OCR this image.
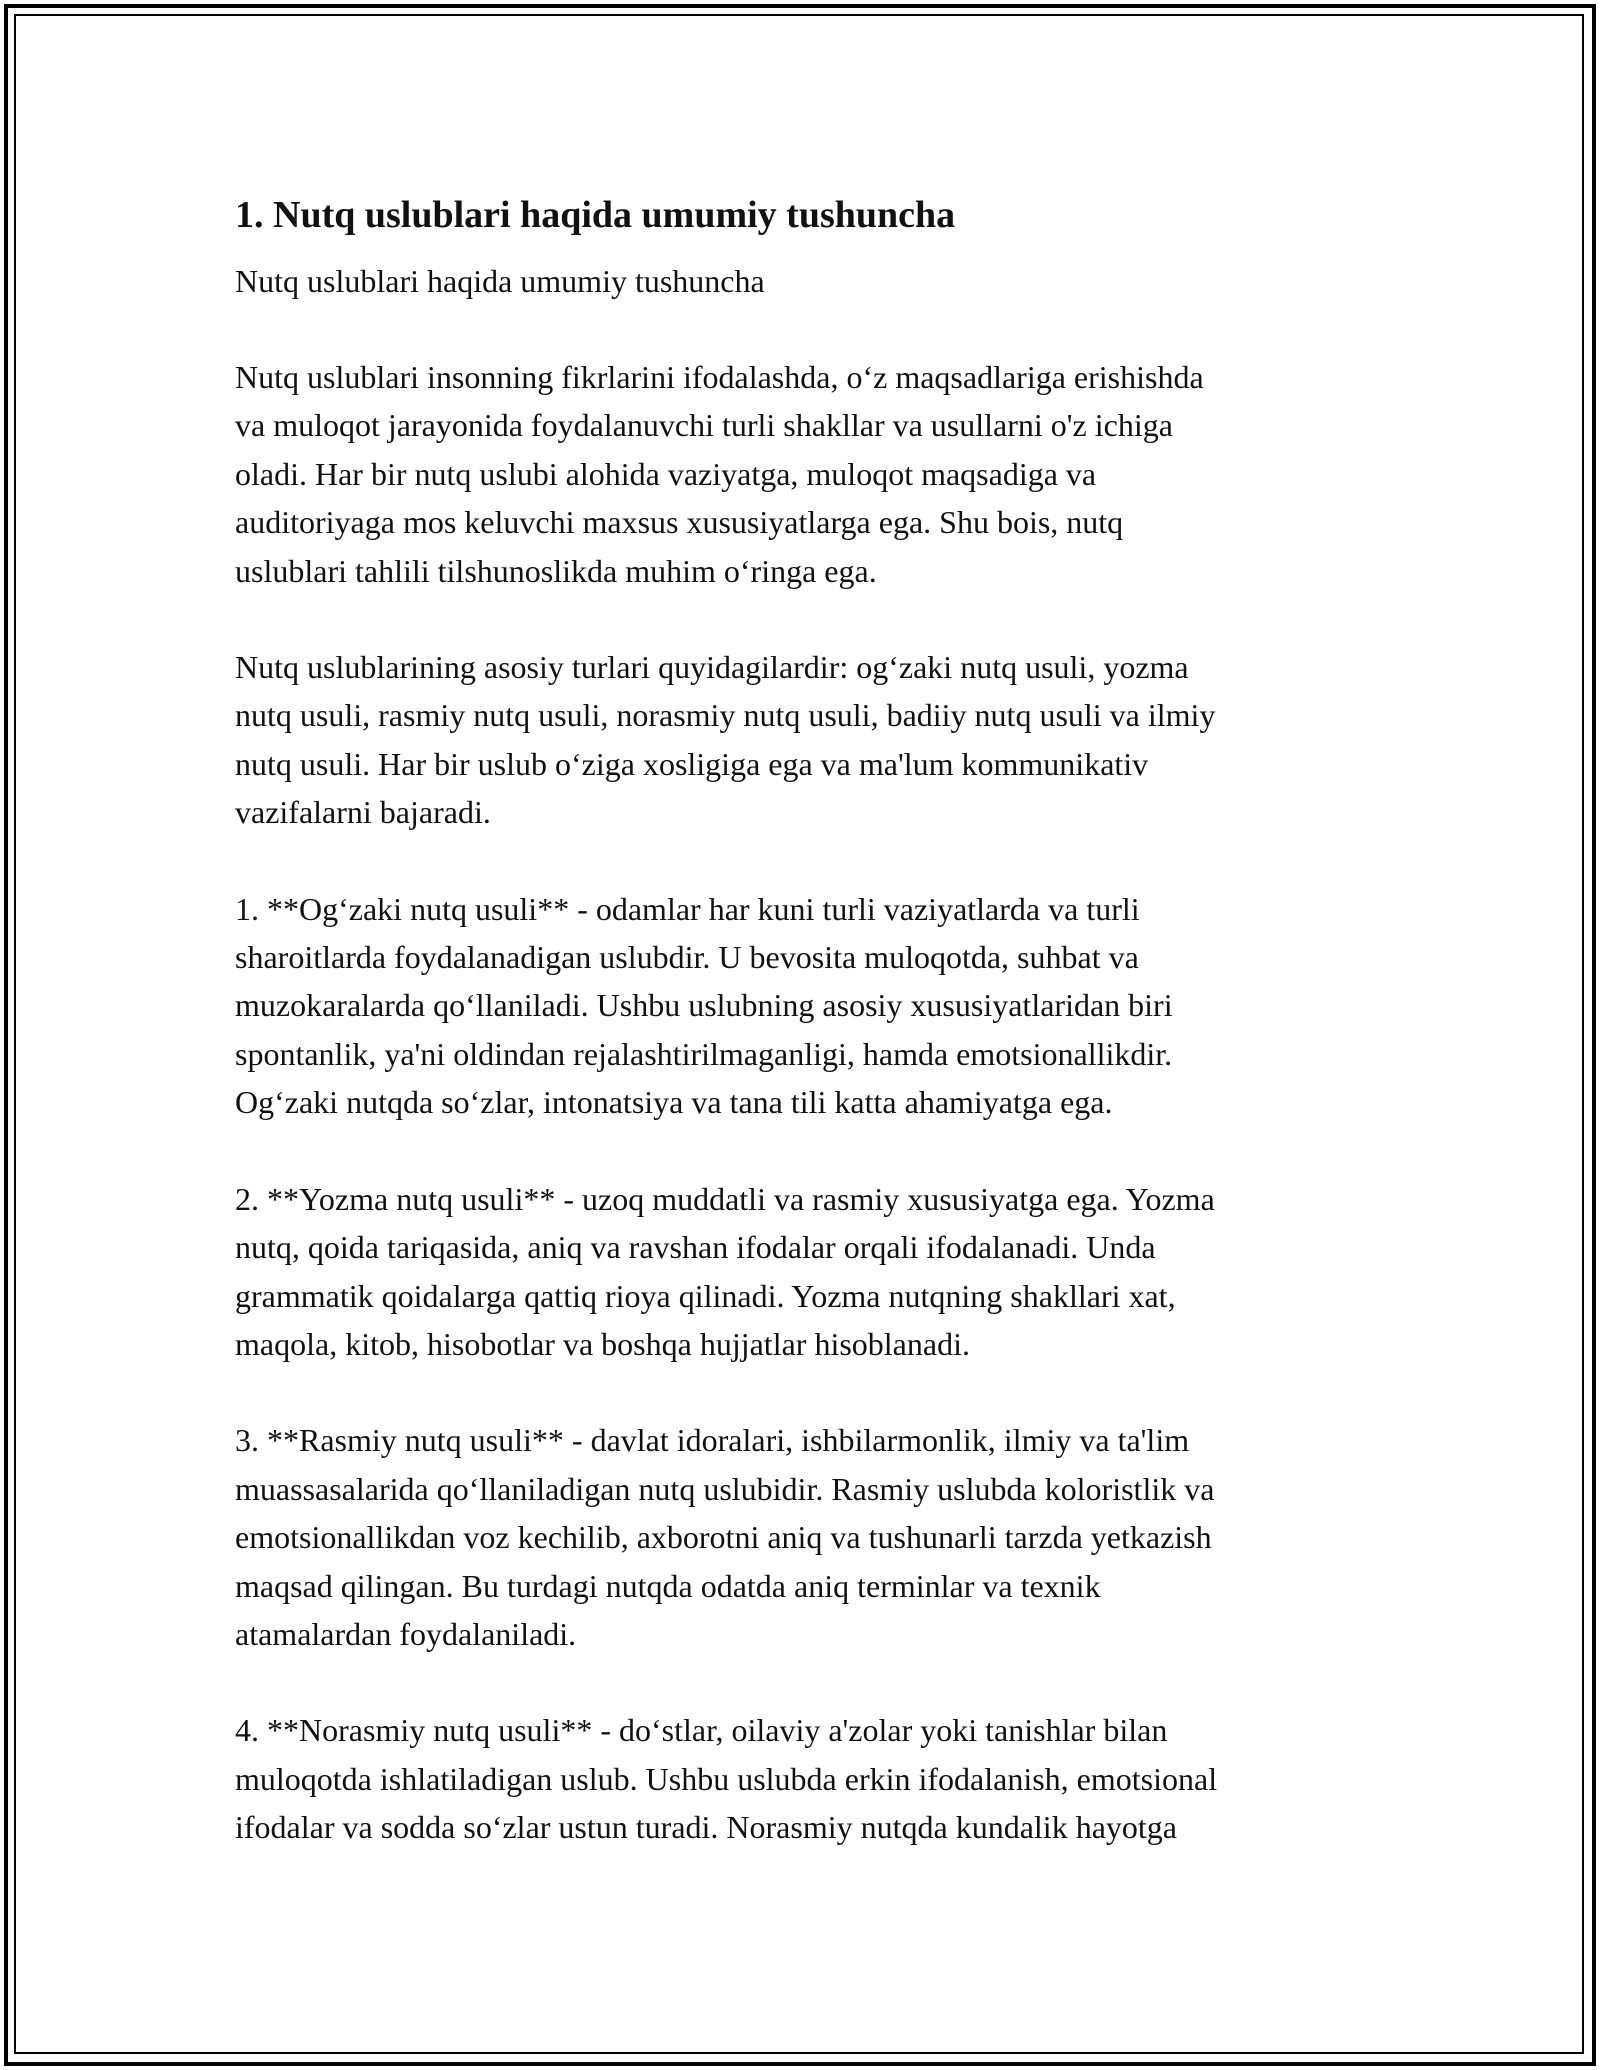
1. Nutq uslublari haqida umumiy tushuncha

Nutq uslublari haqida umumiy tushuncha

Nutq uslublari insonning fikrlarini ifodalashda, o‘z maqsadlariga erishishda
va muloqot jarayonida foydalanuvchi turli shakllar va usullarni o'z ichiga
oladi. Har bir nutq uslubi alohida vaziyatga, muloqot maqsadiga va
auditoriyaga mos keluvchi maxsus xususiyatlarga ega. Shu bois, nutq
uslublari tahlili tilshunoslikda muhim o‘ringa ega.

Nutq uslublarining asosiy turlari quyidagilardir: og‘zaki nutq usuli, yozma
nutq usuli, rasmiy nutq usuli, norasmiy nutq usuli, badiiy nutq usuli va ilmiy
nutq usuli. Har bir uslub o‘ziga xosligiga ega va ma'lum kommunikativ
vazifalarni bajaradi.

1. **Og‘zaki nutq usuli** - odamlar har kuni turli vaziyatlarda va turli
sharoitlarda foydalanadigan uslubdir. U bevosita muloqotda, suhbat va
muzokaralarda qo‘llaniladi. Ushbu uslubning asosiy xususiyatlaridan biri
spontanlik, ya'ni oldindan rejalashtirilmaganligi, hamda emotsionallikdir.
Og‘zaki nutqda so‘zlar, intonatsiya va tana tili katta ahamiyatga ega.

2. **Yozma nutq usuli** - uzoq muddatli va rasmiy xususiyatga ega. Yozma
nutq, qoida tariqasida, aniq va ravshan ifodalar orqali ifodalanadi. Unda
grammatik qoidalarga qattiq rioya qilinadi. Yozma nutqning shakllari xat,
maqola, kitob, hisobotlar va boshqa hujjatlar hisoblanadi.

3. **Rasmiy nutq usuli** - davlat idoralari, ishbilarmonlik, ilmiy va ta'lim
muassasalarida qo‘llaniladigan nutq uslubidir. Rasmiy uslubda koloristlik va
emotsionallikdan voz kechilib, axborotni aniq va tushunarli tarzda yetkazish
maqsad qilingan. Bu turdagi nutqda odatda aniq terminlar va texnik
atamalardan foydalaniladi.

4. **Norasmiy nutq usuli** - do‘stlar, oilaviy a'zolar yoki tanishlar bilan
muloqotda ishlatiladigan uslub. Ushbu uslubda erkin ifodalanish, emotsional
ifodalar va sodda so‘zlar ustun turadi. Norasmiy nutqda kundalik hayotga
